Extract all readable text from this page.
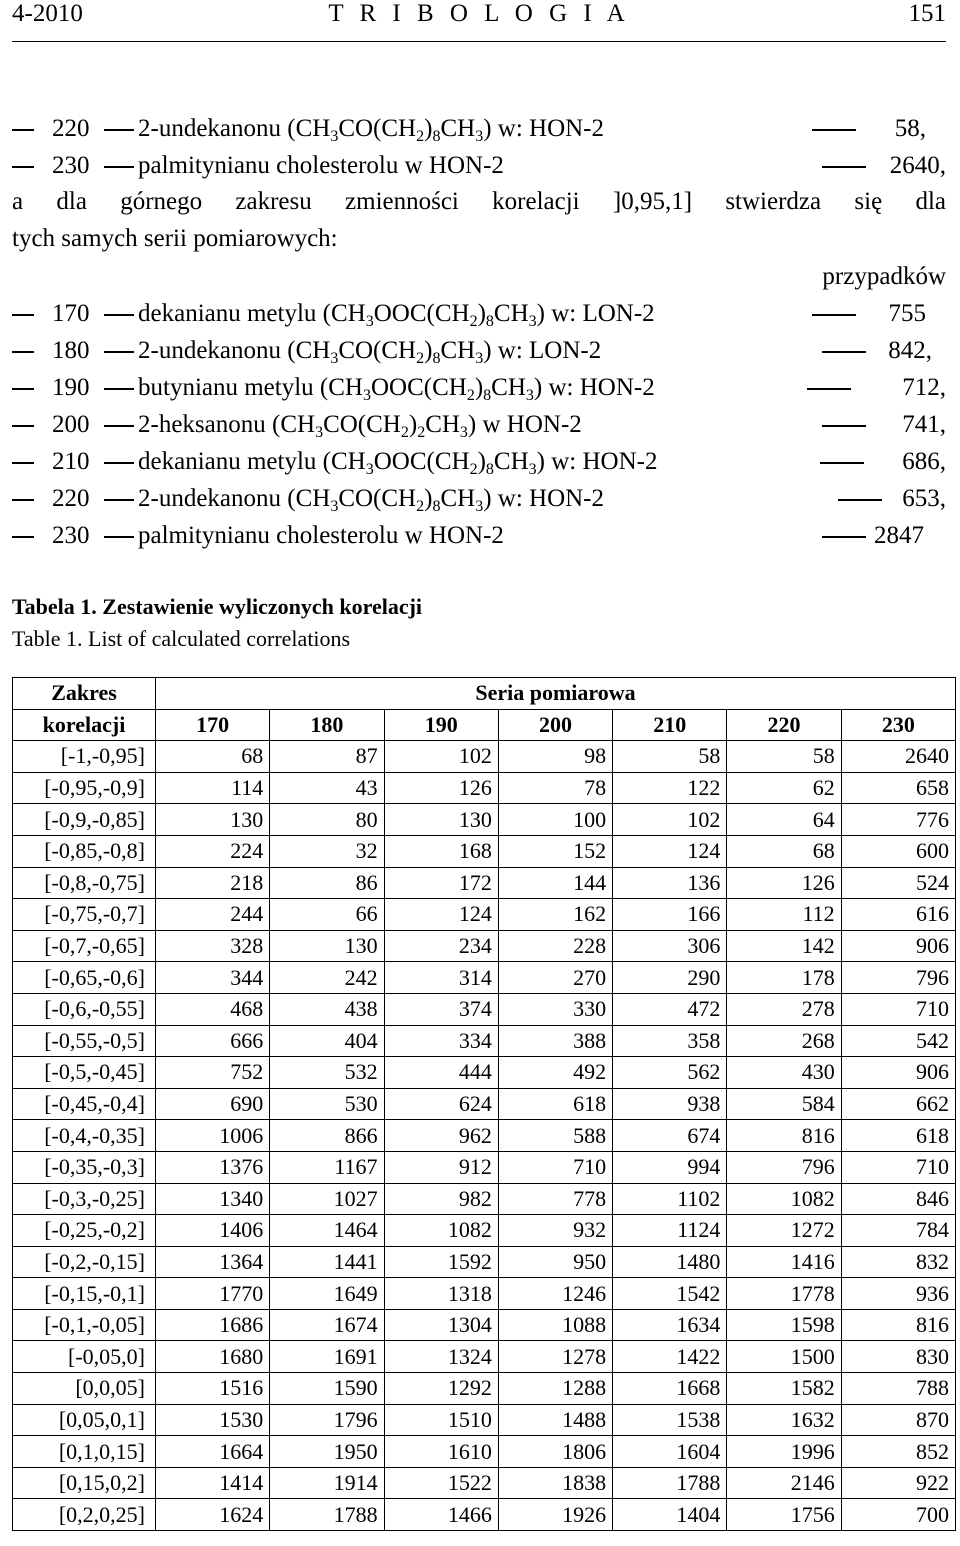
4-2010	T R I B O L O G I A	151
220 2-undekanonu $(CH_3CO(CH_2)_8CH_3)$ w: HON-2	58,
230 palmitynianu cholesterolu w HON-2	2640,
a dla górnego zakresu zmienności korelacji ]0,95,1] stwierdza się dla
tych samych serii pomiarowych:
przypadków
170 dekanianu metylu $(CH_3OOC(CH_2)_8CH_3)$ w: LON-2	755
180 2-undekanonu $(CH_3CO(CH_2)_8CH_3)$ w: LON-2	842,
190 butynianu metylu $(CH_3OOC(CH_2)_8CH_3)$ w: HON-2	712,
200 2-heksanonu $(CH_3CO(CH_2)_2CH_3)$ w HON-2	741,
210 dekanianu metylu $(CH_3OOC(CH_2)_8CH_3)$ w: HON-2	686,
220 2-undekanonu $(CH_3CO(CH_2)_8CH_3)$ w: HON-2	653,
230 palmitynianu cholesterolu w HON-2	2847
Tabela 1. Zestawienie wyliczonych korelacji
Table 1. List of calculated correlations
Zakres	Seria pomiarowa						
korelacji	170	180	190	200	210	220	230
[-1,-0,95]	68	87	102	98	58	58	2640
[-0,95,-0,9]	114	43	126	78	122	62	658
[-0,9,-0,85]	130	80	130	100	102	64	776
[-0,85,-0,8]	224	32	168	152	124	68	600
[-0,8,-0,75]	218	86	172	144	136	126	524
[-0,75,-0,7]	244	66	124	162	166	112	616
[-0,7,-0,65]	328	130	234	228	306	142	906
[-0,65,-0,6]	344	242	314	270	290	178	796
[-0,6,-0,55]	468	438	374	330	472	278	710
[-0,55,-0,5]	666	404	334	388	358	268	542
[-0,5,-0,45]	752	532	444	492	562	430	906
[-0,45,-0,4]	690	530	624	618	938	584	662
[-0,4,-0,35]	1006	866	962	588	674	816	618
[-0,35,-0,3]	1376	1167	912	710	994	796	710
[-0,3,-0,25]	1340	1027	982	778	1102	1082	846
[-0,25,-0,2]	1406	1464	1082	932	1124	1272	784
[-0,2,-0,15]	1364	1441	1592	950	1480	1416	832
[-0,15,-0,1]	1770	1649	1318	1246	1542	1778	936
[-0,1,-0,05]	1686	1674	1304	1088	1634	1598	816
[-0,05,0]	1680	1691	1324	1278	1422	1500	830
[0,0,05]	1516	1590	1292	1288	1668	1582	788
[0,05,0,1]	1530	1796	1510	1488	1538	1632	870
[0,1,0,15]	1664	1950	1610	1806	1604	1996	852
[0,15,0,2]	1414	1914	1522	1838	1788	2146	922
[0,2,0,25]	1624	1788	1466	1926	1404	1756	700
